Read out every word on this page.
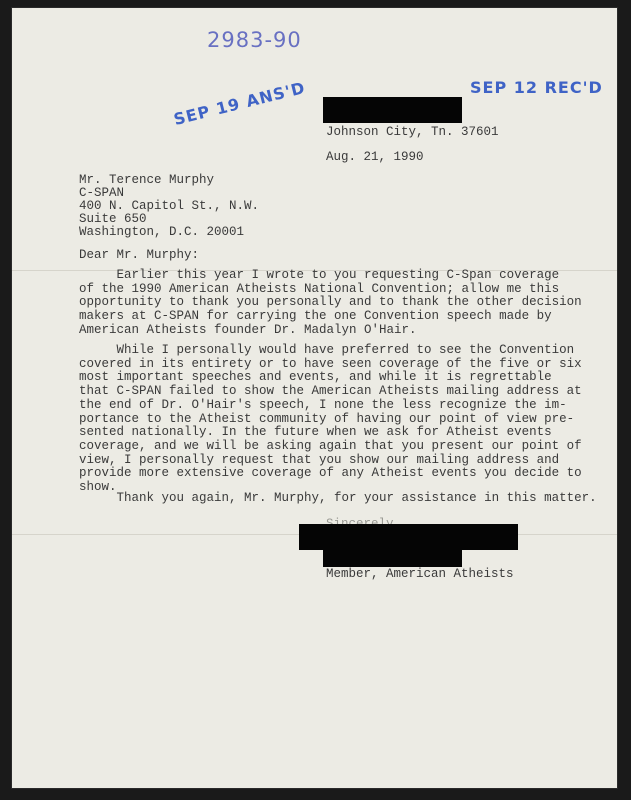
2983-90
SEP 19 ANS'D	SEP 12 REC'D
Johnson City, Tn. 37601
Aug. 21, 1990
Mr. Terence Murphy
C-SPAN
400 N. Capitol St., N.W.
Suite 650
Washington, D.C. 20001
Dear Mr. Murphy:
Earlier this year I wrote to you requesting C-Span coverage
of the 1990 American Atheists National Convention; allow me this
opportunity to thank you personally and to thank the other decision
makers at C-SPAN for carrying the one Convention speech made by
American Atheists founder Dr. Madalyn O'Hair.
While I personally would have preferred to see the Convention
covered in its entirety or to have seen coverage of the five or six
most important speeches and events, and while it is regrettable
that C-SPAN failed to show the American Atheists mailing address at
the end of Dr. O'Hair's speech, I none the less recognize the im-
portance to the Atheist community of having our point of view pre-
sented nationally. In the future when we ask for Atheist events
coverage, and we will be asking again that you present our point of
view, I personally request that you show our mailing address and
provide more extensive coverage of any Atheist events you decide to
show.
Thank you again, Mr. Murphy, for your assistance in this matter.
Member, American Atheists
